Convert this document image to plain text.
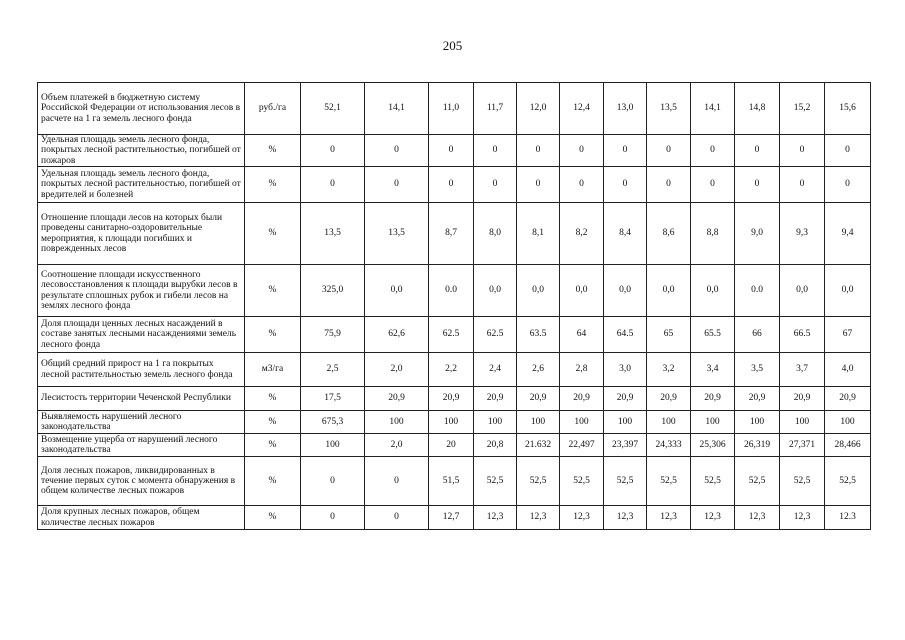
205
Объем платежей в бюджетную систему Российской Федерации от использования лесов в расчете на 1 га земель лесного фонда	руб./га	52,1	14,1	11,0	11,7	12,0	12,4	13,0	13,5	14,1	14,8	15,2	15,6
Удельная площадь земель лесного фонда, покрытых лесной растительностью, погибшей от пожаров	%	0	0	0	0	0	0	0	0	0	0	0	0
Удельная площадь земель лесного фонда, покрытых лесной растительностью, погибшей от вредителей и болезней	%	0	0	0	0	0	0	0	0	0	0	0	0
Отношение площади лесов на которых были проведены санитарно-оздоровительные мероприятия, к площади погибших и поврежденных лесов	%	13,5	13,5	8,7	8,0	8,1	8,2	8,4	8,6	8,8	9,0	9,3	9,4
Соотношение площади искусственного лесовосстановления к площади вырубки лесов в результате сплошных рубок и гибели лесов на землях лесного фонда	%	325,0	0,0	0.0	0,0	0,0	0,0	0,0	0,0	0,0	0.0	0,0	0,0
Доля площади ценных лесных насаждений в составе занятых лесными насаждениями земель лесного фонда	%	75,9	62,6	62.5	62.5	63.5	64	64.5	65	65.5	66	66.5	67
Общий средний прирост на 1 га покрытых лесной растительностью земель лесного фонда	м3/га	2,5	2,0	2,2	2,4	2,6	2,8	3,0	3,2	3,4	3,5	3,7	4,0
Лесистость территории Чеченской Республики	%	17,5	20,9	20,9	20,9	20,9	20,9	20,9	20,9	20,9	20,9	20,9	20,9
Выявляемость нарушений лесного законодательства	%	675,3	100	100	100	100	100	100	100	100	100	100	100
Возмещение ущерба от нарушений лесного законодательства	%	100	2,0	20	20,8	21.632	22,497	23,397	24,333	25,306	26,319	27,371	28,466
Доля лесных пожаров, ликвидированных в течение первых суток с момента обнаружения в общем количестве лесных пожаров	%	0	0	51,5	52,5	52,5	52,5	52,5	52,5	52,5	52,5	52,5	52,5
Доля крупных лесных пожаров, общем количестве лесных пожаров	%	0	0	12,7	12,3	12,3	12,3	12,3	12,3	12,3	12,3	12,3	12.3
